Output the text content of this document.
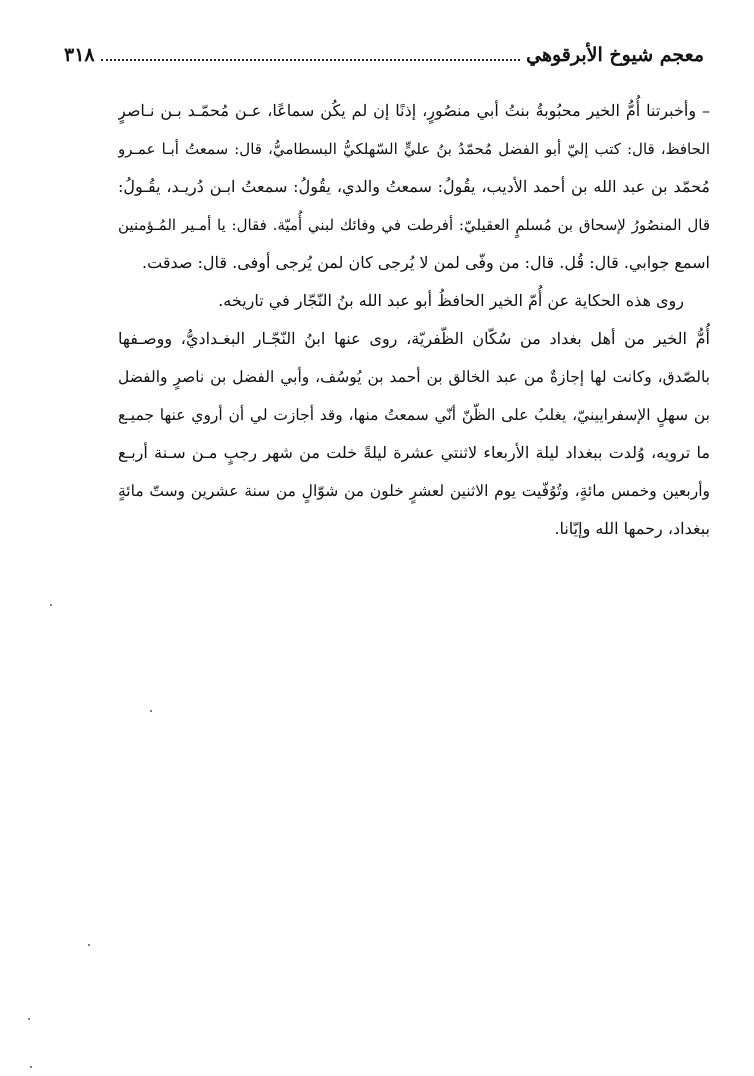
معجم شيوخ الأبرقوهي
٣١٨
– وأخبرتنا أُمُّ الخير محبُوبةُ بنتُ أبي منصُورٍ، إذنًا إن لم يكُن سماعًا، عـن مُحمّـد بـن نـاصرٍ
الحافظ، قال: كتب إليّ أبو الفضل مُحمّدُ بنُ عليٍّ السّهلكيُّ البسطاميُّ، قال: سمعتُ أبـا عمـرو
مُحمّد بن عبد الله بن أحمد الأديب، يقُولُ: سمعتُ والدي، يقُولُ: سمعتُ ابـن دُريـد، يقُـولُ:
قال المنصُورُ لإسحاق بن مُسلمٍ العقيليّ: أفرطت في وفائك لبني أُميّة. فقال: يا أمـير المُـؤمنين
اسمع جوابي. قال: قُل. قال: من وفّى لمن لا يُرجى كان لمن يُرجى أوفى. قال: صدقت.
روى هذه الحكاية عن أُمّ الخير الحافظُ أبو عبد الله بنُ النّجّار في تاريخه.
أُمُّ الخير من أهل بغداد من سُكّان الظّفريّة، روى عنها ابنُ النّجّـار البغـداديُّ، ووصـفها
بالصّدق، وكانت لها إجازةٌ من عبد الخالق بن أحمد بن يُوسُف، وأبي الفضل بن ناصرٍ والفضل
بن سهلٍ الإسفرايينيّ، يغلبُ على الظّنّ أنّي سمعتُ منها، وقد أجازت لي أن أروي عنها جميـع
ما ترويه، وُلدت ببغداد ليلة الأربعاء لاثنتي عشرة ليلةً خلت من شهر رجبٍ مـن سـنة أربـع
وأربعين وخمس مائةٍ، وتُوُفّيت يوم الاثنين لعشرٍ خلون من شوّالٍ من سنة عشرين وستّ مائةٍ
ببغداد، رحمها الله وإيّانا.
